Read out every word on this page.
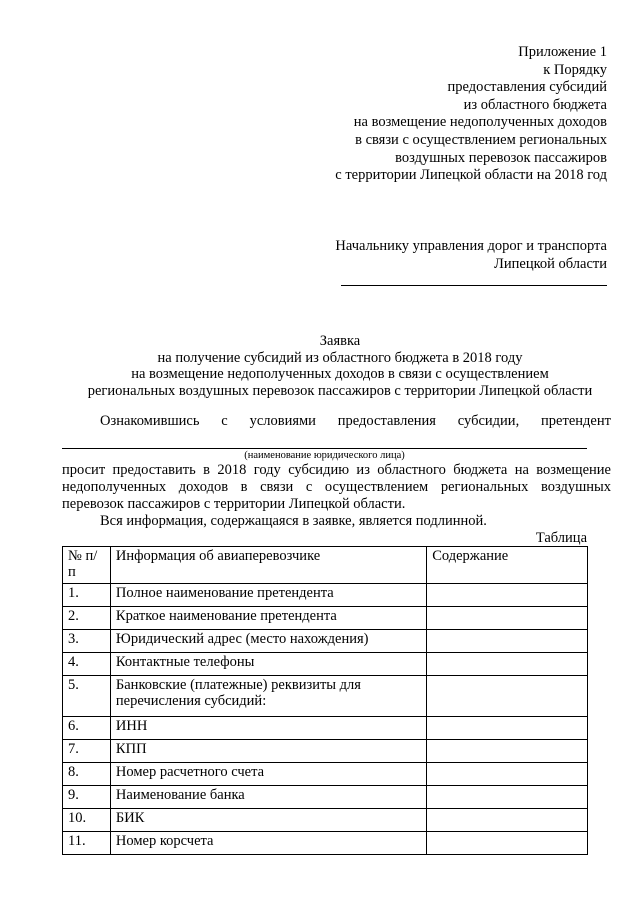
Приложение 1
к Порядку
предоставления субсидий
из областного бюджета
на возмещение недополученных доходов
в связи с осуществлением региональных
воздушных перевозок пассажиров
с территории Липецкой области на 2018 год
Начальнику управления дорог и транспорта
Липецкой области
Заявка
на получение субсидий из областного бюджета в 2018 году
на возмещение недополученных доходов в связи с осуществлением
региональных воздушных перевозок пассажиров с территории Липецкой области
Ознакомившись с условиями предоставления субсидии, претендент
(наименование юридического лица)
просит предоставить в 2018 году субсидию из областного бюджета на возмещение
недополученных доходов в связи с осуществлением региональных воздушных
перевозок пассажиров с территории Липецкой области.
Вся информация, содержащаяся в заявке, является подлинной.
Таблица
№ п/п	Информация об авиаперевозчике	Содержание
1.	Полное наименование претендента	
2.	Краткое наименование претендента	
3.	Юридический адрес (место нахождения)	
4.	Контактные телефоны	
5.	Банковские (платежные) реквизиты для перечисления субсидий:	
6.	ИНН	
7.	КПП	
8.	Номер расчетного счета	
9.	Наименование банка	
10.	БИК	
11.	Номер корсчета	
